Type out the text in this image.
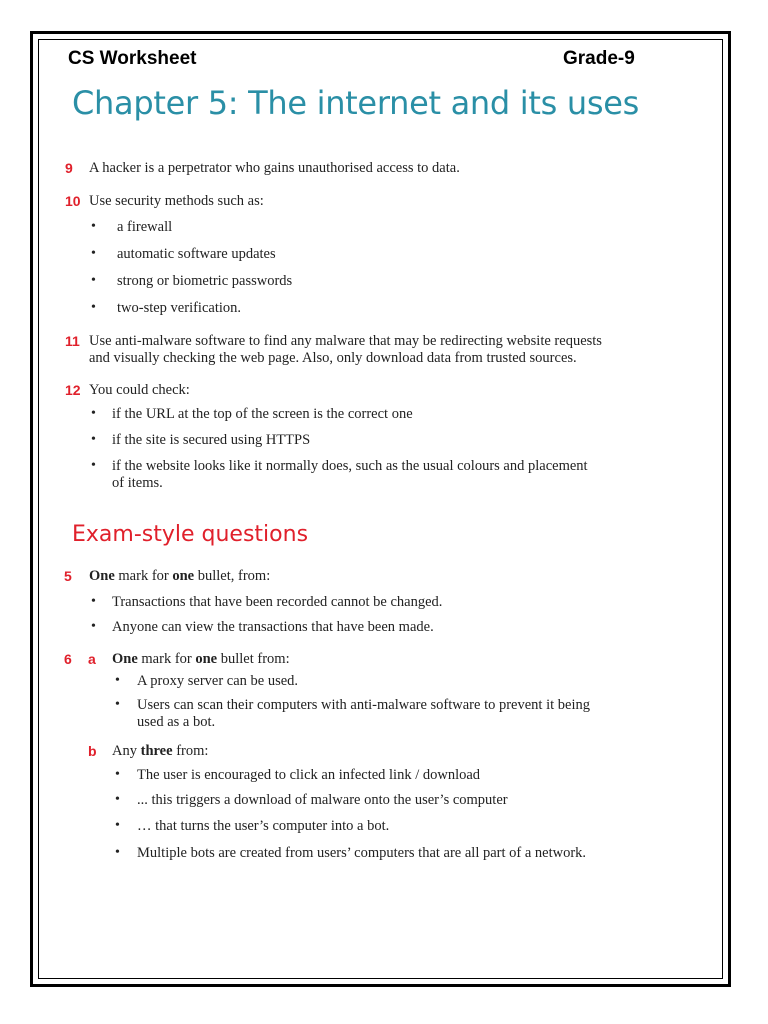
CS Worksheet	Grade-9
Chapter 5: The internet and its uses
9 A hacker is a perpetrator who gains unauthorised access to data.
10 Use security methods such as:
• a firewall
• automatic software updates
• strong or biometric passwords
• two-step verification.
11 Use anti-malware software to find any malware that may be redirecting website requests
and visually checking the web page. Also, only download data from trusted sources.
12 You could check:
• if the URL at the top of the screen is the correct one
• if the site is secured using HTTPS
• if the website looks like it normally does, such as the usual colours and placement
of items.
Exam-style questions
5 One mark for one bullet, from:
• Transactions that have been recorded cannot be changed.
• Anyone can view the transactions that have been made.
6 a One mark for one bullet from:
• A proxy server can be used.
• Users can scan their computers with anti-malware software to prevent it being
used as a bot.
b Any three from:
• The user is encouraged to click an infected link / download
• ... this triggers a download of malware onto the user’s computer
• … that turns the user’s computer into a bot.
• Multiple bots are created from users’ computers that are all part of a network.
